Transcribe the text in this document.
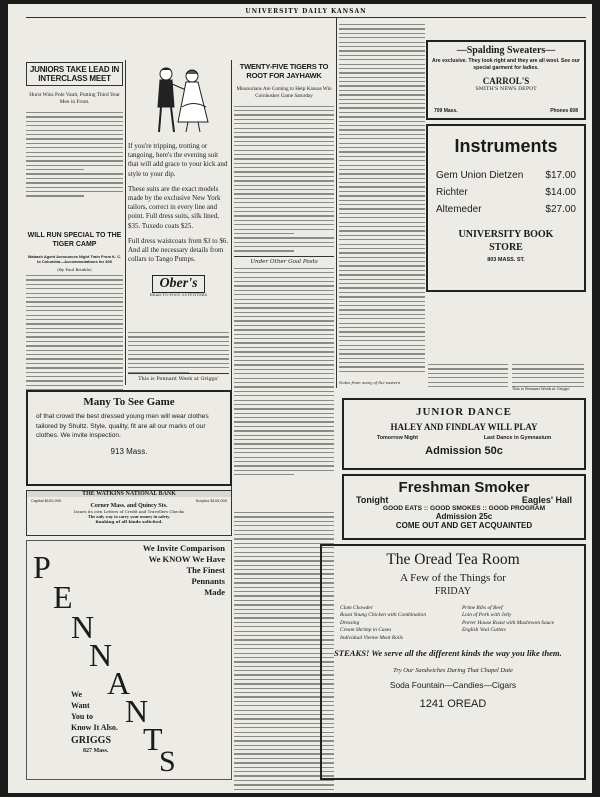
UNIVERSITY DAILY KANSAN
JUNIORS TAKE LEAD IN INTERCLASS MEET
Hurst Wins Pole Vault, Putting Third Year Men in Front.
WILL RUN SPECIAL TO THE TIGER CAMP
Wabash Agent Announces Night Train From K. C. to Columbia—Accommodations for 300
(By Paul Brinkle)
If you're tripping, trotting or tangoing, here's the evening suit that will add grace to your kick and style to your dip.
These suits are the exact models made by the exclusive New York tailors, correct in every line and point. Full dress suits, silk lined, $35. Tuxedo coats $25.
Full dress waistcoats from $3 to $6. And all the necessary details from collars to Tango Pumps.
Ober's
HEAD-TO-FOOT OUTFITTERS
This is Pennant Week at Griggs'
TWENTY-FIVE TIGERS TO ROOT FOR JAYHAWK
Missourians Are Coming to Help Kansas Win Cornhusker Game Saturday
Under Other Goal Posts
Notes from many of the eastern
This is Pennant Week at Griggs'
—Spalding Sweaters—
Are exclusive. They look right and they are all wool. See our special garment for ladies.
CARROL'S
SMITH'S NEWS DEPOT
709 Mass.	Phones 608
Instruments
Gem Union Dietzen $17.00
Richter	$14.00
Altemeder	$27.00
UNIVERSITY BOOK STORE
803 MASS. ST.
Many To See Game
of that crowd the best dressed young men will wear clothes tailored by Shultz. Style, quality, fit are all our marks of our clothes. We invite inspection.
913 Mass.
THE WATKINS NATIONAL BANK
Capital $100,000	Surplus $100,000
Corner Mass. and Quincy Sts.
Issues its own Letters of Credit and Travellers Checks
The only way to carry your money in safety.
Banking of all kinds solicited.
P
E
N
N
A
N
T
S
We Invite Comparison
We KNOW We Have
The Finest
Pennants
Made
We
Want
You to
Know It Also.
GRIGGS
827 Mass.
JUNIOR DANCE
HALEY AND FINDLAY WILL PLAY
Tomorrow Night	Last Dance in Gymnasium
Admission 50c
Freshman Smoker
Tonight	Eagles' Hall
GOOD EATS :: GOOD SMOKES :: GOOD PROGRAM
Admission 25c
COME OUT AND GET ACQUAINTED
The Oread Tea Room
A Few of the Things for
FRIDAY
Clam Chowder
Roast Young Chicken with Combination Dressing
Cream Shrimp in Cases
Individual Vienne Meat Rolls
Prime Ribs of Beef
Loin of Pork with Jelly
Porter House Roast with Mushroom Sauce
English Veal Cutlets
STEAKS! We serve all the different kinds the way you like them.
Try Our Sandwiches During That Chapel Date
Soda Fountain—Candies—Cigars
1241 OREAD
